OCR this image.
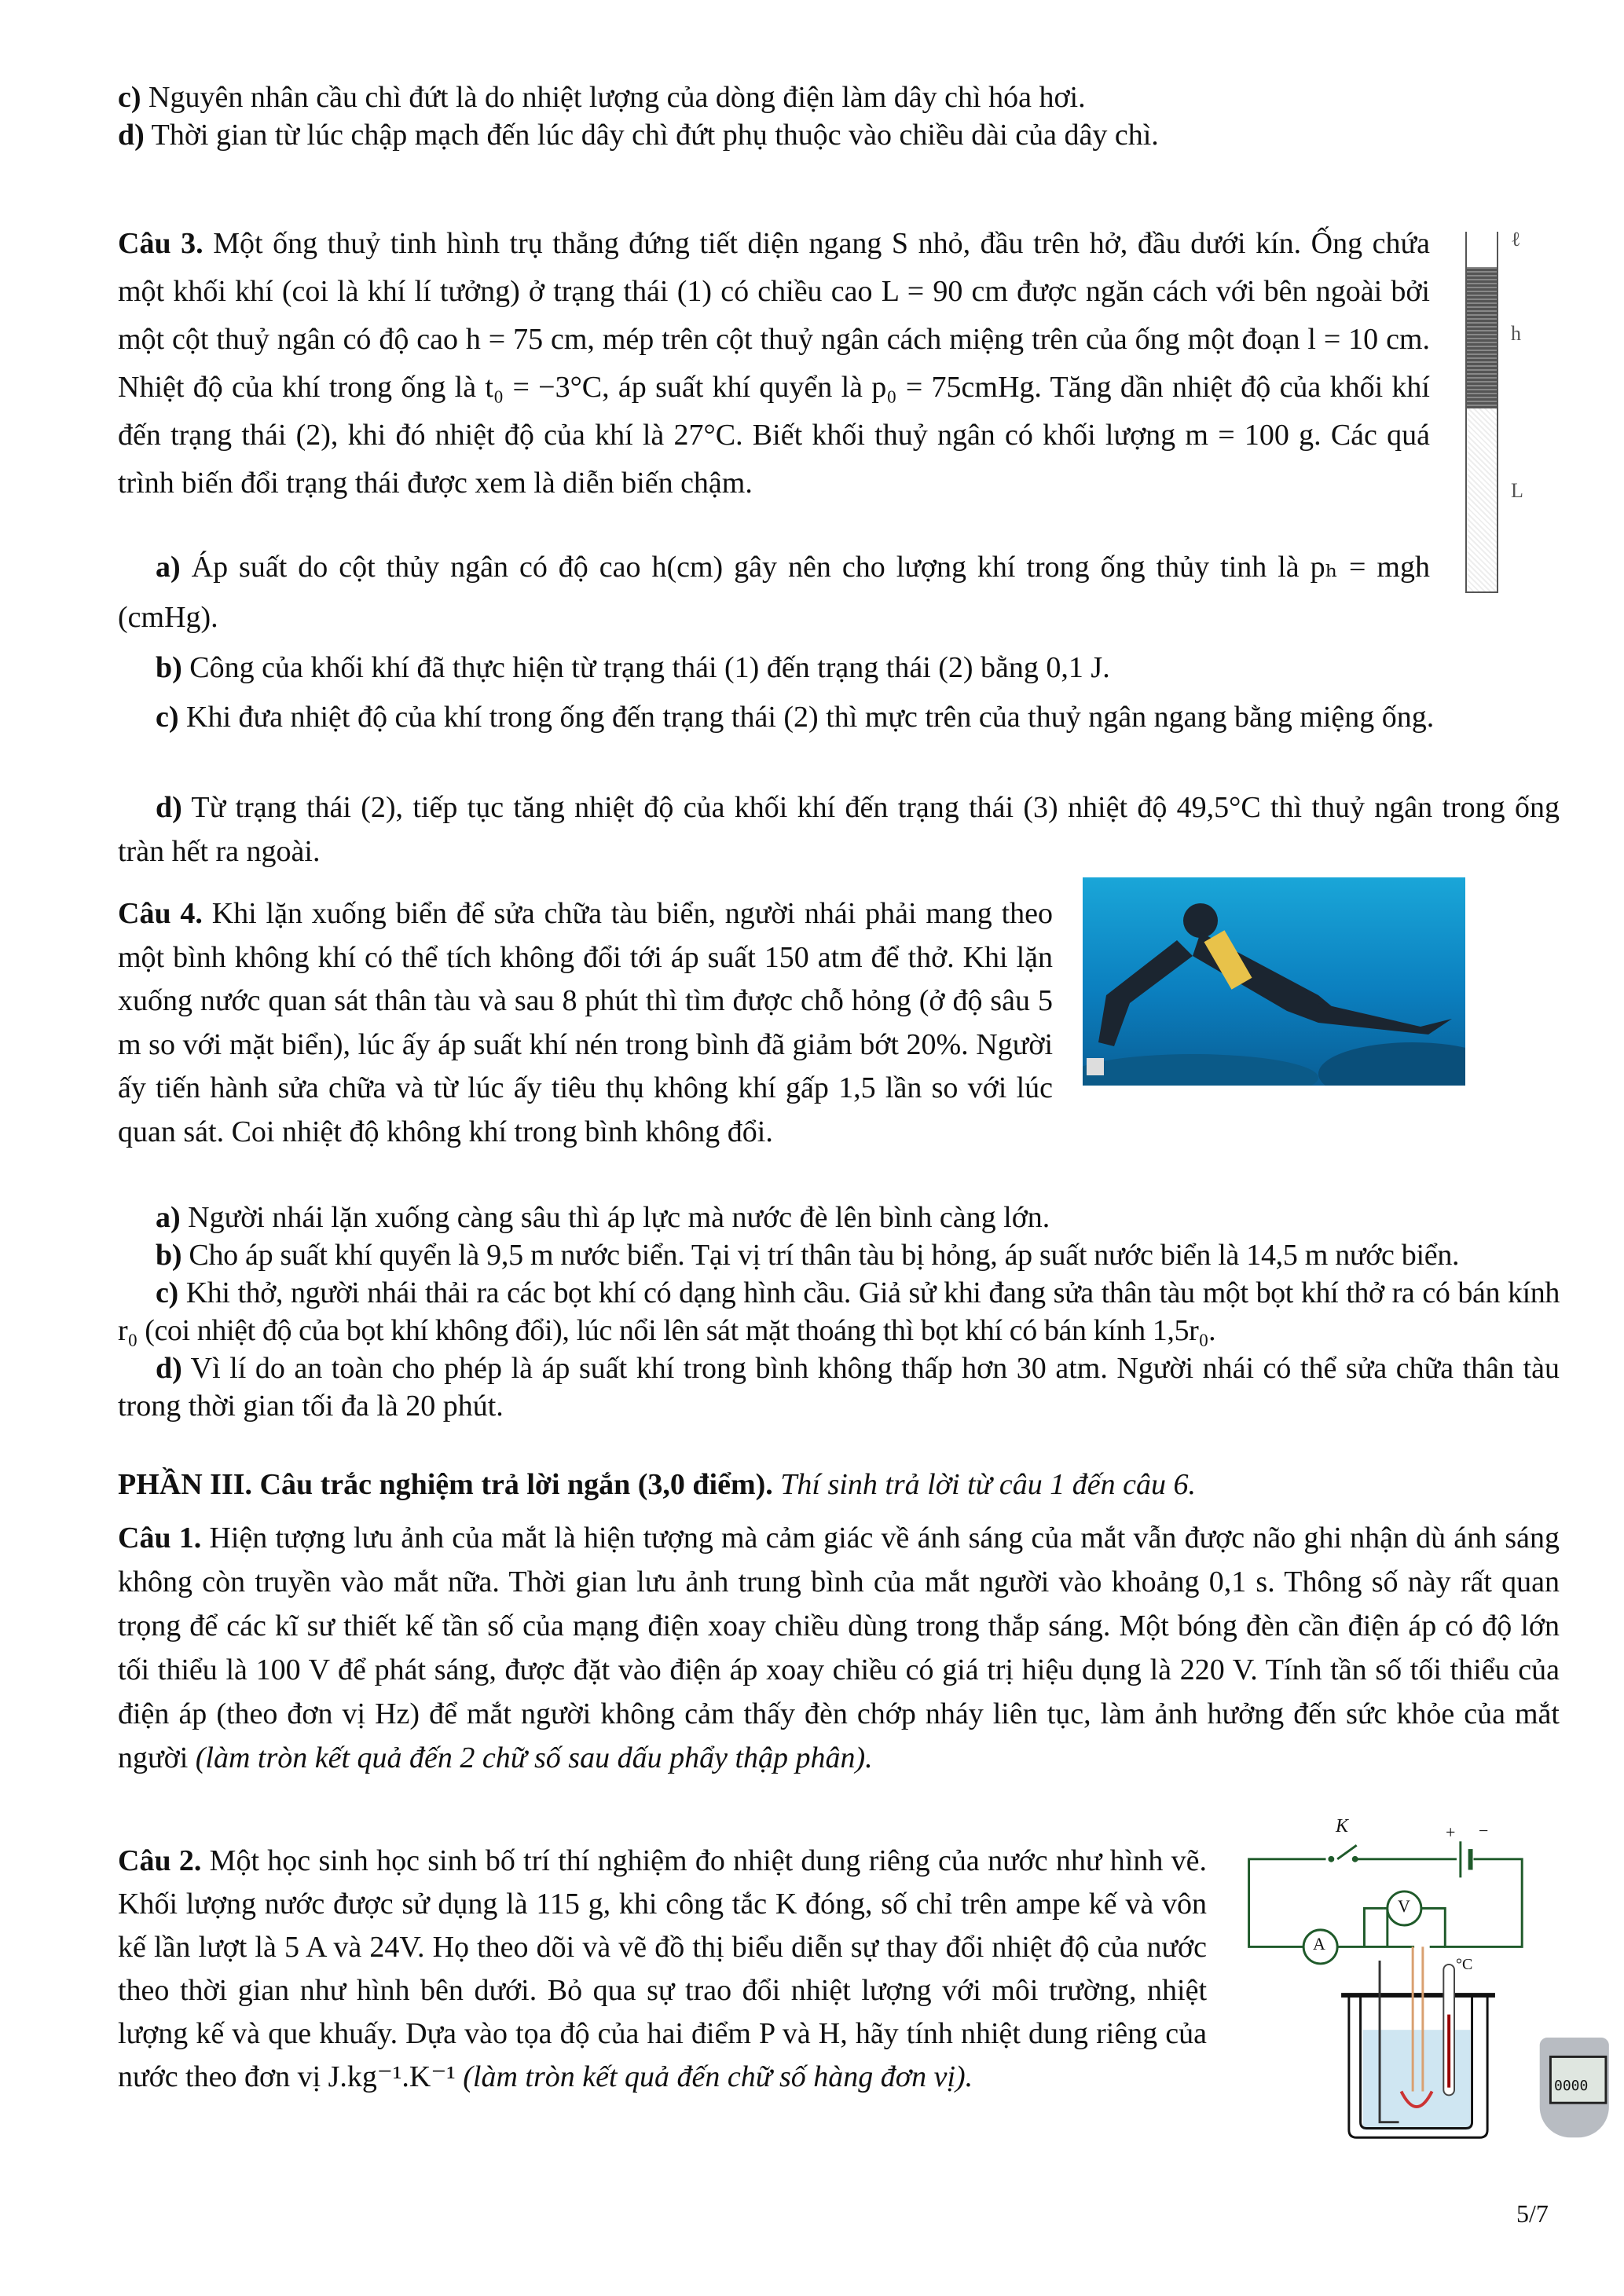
c) Nguyên nhân cầu chì đứt là do nhiệt lượng của dòng điện làm dây chì hóa hơi.
d) Thời gian từ lúc chập mạch đến lúc dây chì đứt phụ thuộc vào chiều dài của dây chì.
Câu 3. Một ống thuỷ tinh hình trụ thẳng đứng tiết diện ngang S nhỏ, đầu trên hở, đầu dưới kín. Ống chứa một khối khí (coi là khí lí tưởng) ở trạng thái (1) có chiều cao L = 90 cm được ngăn cách với bên ngoài bởi một cột thuỷ ngân có độ cao h = 75 cm, mép trên cột thuỷ ngân cách miệng trên của ống một đoạn l = 10 cm. Nhiệt độ của khí trong ống là t₀ = −3°C, áp suất khí quyển là p₀ = 75cmHg. Tăng dần nhiệt độ của khối khí đến trạng thái (2), khi đó nhiệt độ của khí là 27°C. Biết khối thuỷ ngân có khối lượng m = 100 g. Các quá trình biến đổi trạng thái được xem là diễn biến chậm.
a) Áp suất do cột thủy ngân có độ cao h(cm) gây nên cho lượng khí trong ống thủy tinh là pₕ = mgh (cmHg).
b) Công của khối khí đã thực hiện từ trạng thái (1) đến trạng thái (2) bằng 0,1 J.
c) Khi đưa nhiệt độ của khí trong ống đến trạng thái (2) thì mực trên của thuỷ ngân ngang bằng miệng ống.
d) Từ trạng thái (2), tiếp tục tăng nhiệt độ của khối khí đến trạng thái (3) nhiệt độ 49,5°C thì thuỷ ngân trong ống tràn hết ra ngoài.
ℓ
h
L
Câu 4. Khi lặn xuống biển để sửa chữa tàu biển, người nhái phải mang theo một bình không khí có thể tích không đổi tới áp suất 150 atm để thở. Khi lặn xuống nước quan sát thân tàu và sau 8 phút thì tìm được chỗ hỏng (ở độ sâu 5 m so với mặt biển), lúc ấy áp suất khí nén trong bình đã giảm bớt 20%. Người ấy tiến hành sửa chữa và từ lúc ấy tiêu thụ không khí gấp 1,5 lần so với lúc quan sát. Coi nhiệt độ không khí trong bình không đổi.
a) Người nhái lặn xuống càng sâu thì áp lực mà nước đè lên bình càng lớn.
b) Cho áp suất khí quyển là 9,5 m nước biển. Tại vị trí thân tàu bị hỏng, áp suất nước biển là 14,5 m nước biển.
c) Khi thở, người nhái thải ra các bọt khí có dạng hình cầu. Giả sử khi đang sửa thân tàu một bọt khí thở ra có bán kính r₀ (coi nhiệt độ của bọt khí không đổi), lúc nổi lên sát mặt thoáng thì bọt khí có bán kính 1,5r₀.
d) Vì lí do an toàn cho phép là áp suất khí trong bình không thấp hơn 30 atm. Người nhái có thể sửa chữa thân tàu trong thời gian tối đa là 20 phút.
PHẦN III. Câu trắc nghiệm trả lời ngắn (3,0 điểm). Thí sinh trả lời từ câu 1 đến câu 6.
Câu 1. Hiện tượng lưu ảnh của mắt là hiện tượng mà cảm giác về ánh sáng của mắt vẫn được não ghi nhận dù ánh sáng không còn truyền vào mắt nữa. Thời gian lưu ảnh trung bình của mắt người vào khoảng 0,1 s. Thông số này rất quan trọng để các kĩ sư thiết kế tần số của mạng điện xoay chiều dùng trong thắp sáng. Một bóng đèn cần điện áp có độ lớn tối thiểu là 100 V để phát sáng, được đặt vào điện áp xoay chiều có giá trị hiệu dụng là 220 V. Tính tần số tối thiểu của điện áp (theo đơn vị Hz) để mắt người không cảm thấy đèn chớp nháy liên tục, làm ảnh hưởng đến sức khỏe của mắt người (làm tròn kết quả đến 2 chữ số sau dấu phẩy thập phân).
Câu 2. Một học sinh học sinh bố trí thí nghiệm đo nhiệt dung riêng của nước như hình vẽ. Khối lượng nước được sử dụng là 115 g, khi công tắc K đóng, số chỉ trên ampe kế và vôn kế lần lượt là 5 A và 24V. Họ theo dõi và vẽ đồ thị biểu diễn sự thay đổi nhiệt độ của nước theo thời gian như hình bên dưới. Bỏ qua sự trao đổi nhiệt lượng với môi trường, nhiệt lượng kế và que khuấy. Dựa vào tọa độ của hai điểm P và H, hãy tính nhiệt dung riêng của nước theo đơn vị J.kg⁻¹.K⁻¹ (làm tròn kết quả đến chữ số hàng đơn vị).
K	+ −
V
A
°C
0000
5/7
